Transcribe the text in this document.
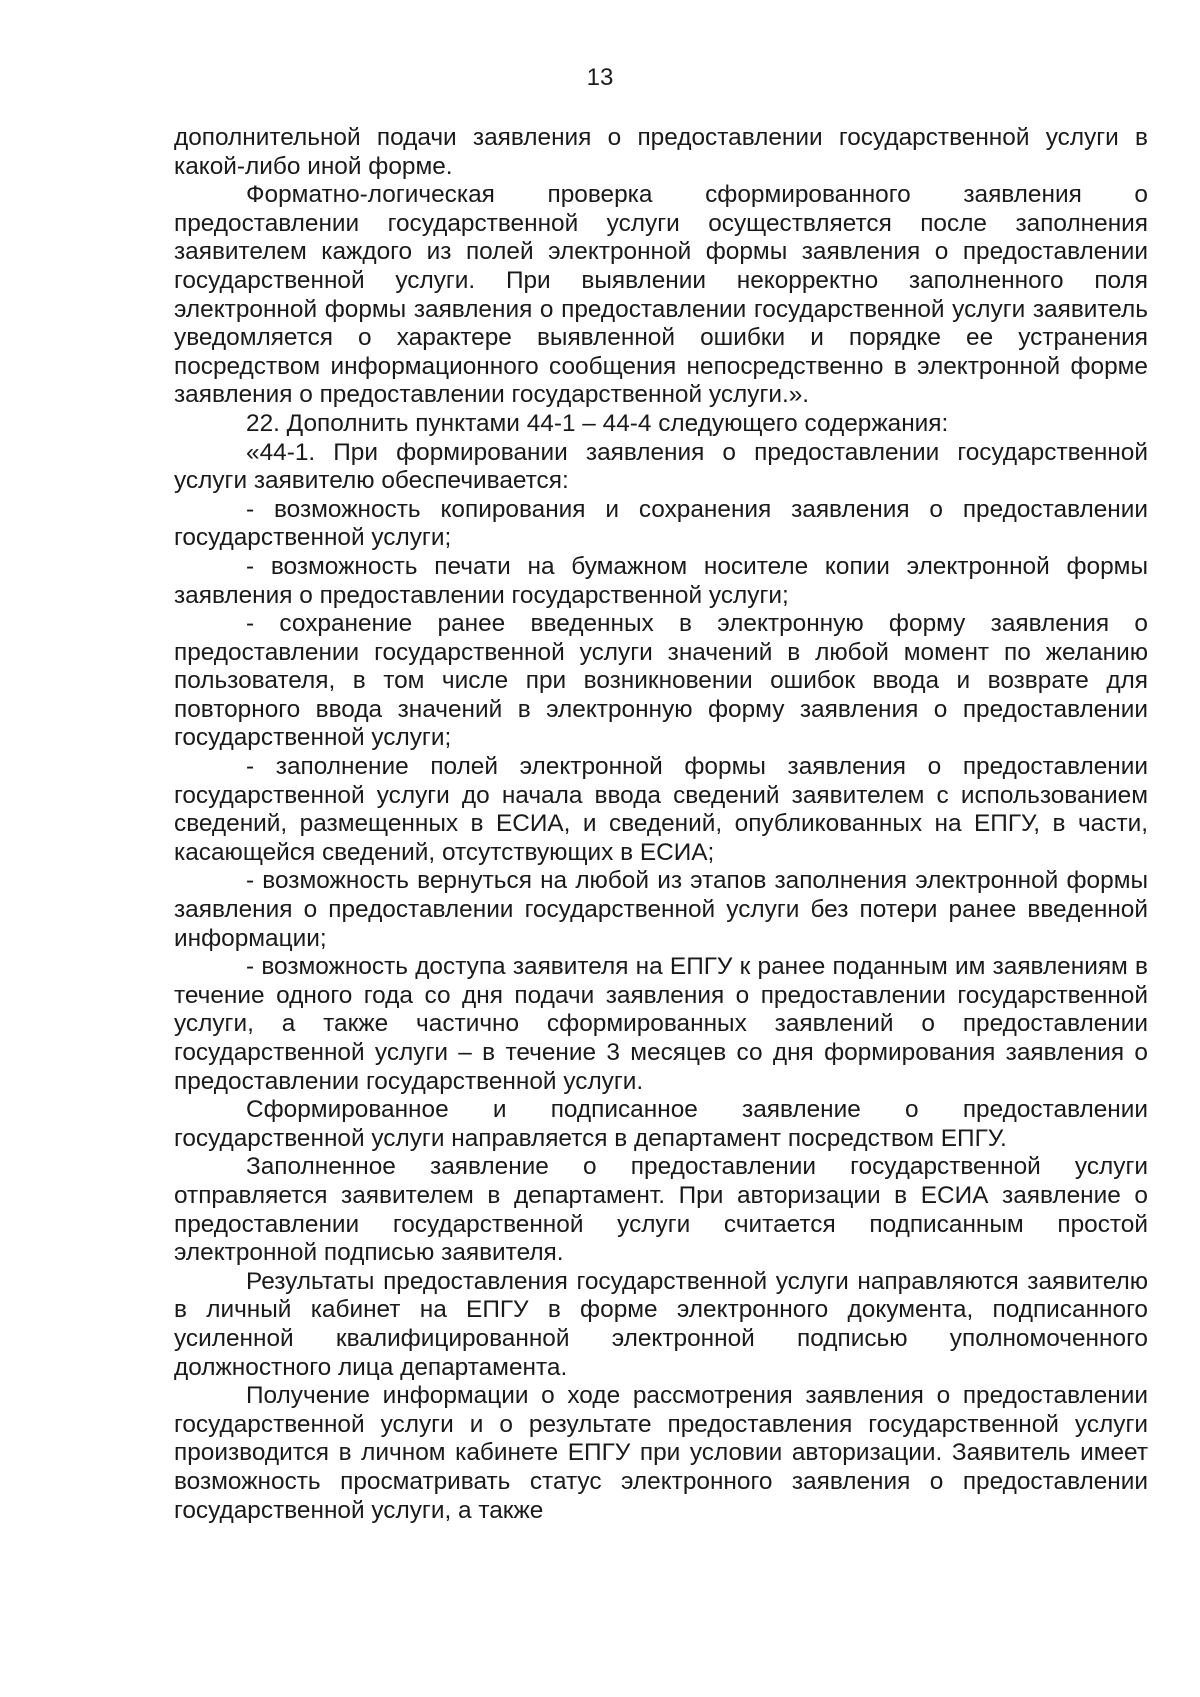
13

дополнительной подачи заявления о предоставлении государственной услуги в какой-либо иной форме.

Форматно-логическая проверка сформированного заявления о предоставлении государственной услуги осуществляется после заполнения заявителем каждого из полей электронной формы заявления о предоставлении государственной услуги. При выявлении некорректно заполненного поля электронной формы заявления о предоставлении государственной услуги заявитель уведомляется о характере выявленной ошибки и порядке ее устранения посредством информационного сообщения непосредственно в электронной форме заявления о предоставлении государственной услуги.».

22. Дополнить пунктами 44-1 – 44-4 следующего содержания:

«44-1. При формировании заявления о предоставлении государственной услуги заявителю обеспечивается:

- возможность копирования и сохранения заявления о предоставлении государственной услуги;

- возможность печати на бумажном носителе копии электронной формы заявления о предоставлении государственной услуги;

- сохранение ранее введенных в электронную форму заявления о предоставлении государственной услуги значений в любой момент по желанию пользователя, в том числе при возникновении ошибок ввода и возврате для повторного ввода значений в электронную форму заявления о предоставлении государственной услуги;

- заполнение полей электронной формы заявления о предоставлении государственной услуги до начала ввода сведений заявителем с использованием сведений, размещенных в ЕСИА, и сведений, опубликованных на ЕПГУ, в части, касающейся сведений, отсутствующих в ЕСИА;

- возможность вернуться на любой из этапов заполнения электронной формы заявления о предоставлении государственной услуги без потери ранее введенной информации;

- возможность доступа заявителя на ЕПГУ к ранее поданным им заявлениям в течение одного года со дня подачи заявления о предоставлении государственной услуги, а также частично сформированных заявлений о предоставлении государственной услуги – в течение 3 месяцев со дня формирования заявления о предоставлении государственной услуги.

Сформированное и подписанное заявление о предоставлении государственной услуги направляется в департамент посредством ЕПГУ.

Заполненное заявление о предоставлении государственной услуги отправляется заявителем в департамент. При авторизации в ЕСИА заявление о предоставлении государственной услуги считается подписанным простой электронной подписью заявителя.

Результаты предоставления государственной услуги направляются заявителю в личный кабинет на ЕПГУ в форме электронного документа, подписанного усиленной квалифицированной электронной подписью уполномоченного должностного лица департамента.

Получение информации о ходе рассмотрения заявления о предоставлении государственной услуги и о результате предоставления государственной услуги производится в личном кабинете ЕПГУ при условии авторизации. Заявитель имеет возможность просматривать статус электронного заявления о предоставлении государственной услуги, а также
